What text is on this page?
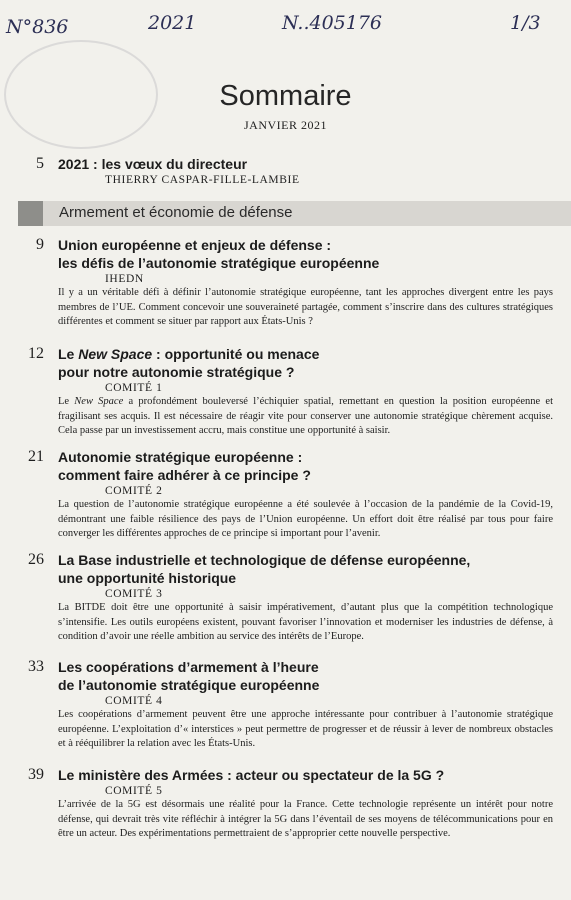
N°836	2021	N..405176	1/3
Sommaire
JANVIER 2021
5 2021 : les vœux du directeur
THIERRY CASPAR-FILLE-LAMBIE
Armement et économie de défense
9 Union européenne et enjeux de défense :
les défis de l’autonomie stratégique européenne
IHEDN
Il y a un véritable défi à définir l’autonomie stratégique européenne, tant les approches divergent entre les pays membres de l’UE. Comment concevoir une souveraineté partagée, comment s’inscrire dans des cultures stratégiques différentes et comment se situer par rapport aux États-Unis ?
12 Le New Space : opportunité ou menace
pour notre autonomie stratégique ?
COMITÉ 1
Le New Space a profondément bouleversé l’échiquier spatial, remettant en question la position européenne et fragilisant ses acquis. Il est nécessaire de réagir vite pour conserver une autonomie stratégique chèrement acquise. Cela passe par un investissement accru, mais constitue une opportunité à saisir.
21 Autonomie stratégique européenne :
comment faire adhérer à ce principe ?
COMITÉ 2
La question de l’autonomie stratégique européenne a été soulevée à l’occasion de la pandémie de la Covid-19, démontrant une faible résilience des pays de l’Union européenne. Un effort doit être réalisé par tous pour faire converger les différentes approches de ce principe si important pour l’avenir.
26 La Base industrielle et technologique de défense européenne,
une opportunité historique
COMITÉ 3
La BITDE doit être une opportunité à saisir impérativement, d’autant plus que la compétition technologique s’intensifie. Les outils européens existent, pouvant favoriser l’innovation et moderniser les industries de défense, à condition d’avoir une réelle ambition au service des intérêts de l’Europe.
33 Les coopérations d’armement à l’heure
de l’autonomie stratégique européenne
COMITÉ 4
Les coopérations d’armement peuvent être une approche intéressante pour contribuer à l’autonomie stratégique européenne. L’exploitation d’« interstices » peut permettre de progresser et de réussir à lever de nombreux obstacles et à rééquilibrer la relation avec les États-Unis.
39 Le ministère des Armées : acteur ou spectateur de la 5G ?
COMITÉ 5
L’arrivée de la 5G est désormais une réalité pour la France. Cette technologie représente un intérêt pour notre défense, qui devrait très vite réfléchir à intégrer la 5G dans l’éventail de ses moyens de télécommunications pour en être un acteur. Des expérimentations permettraient de s’approprier cette nouvelle perspective.
